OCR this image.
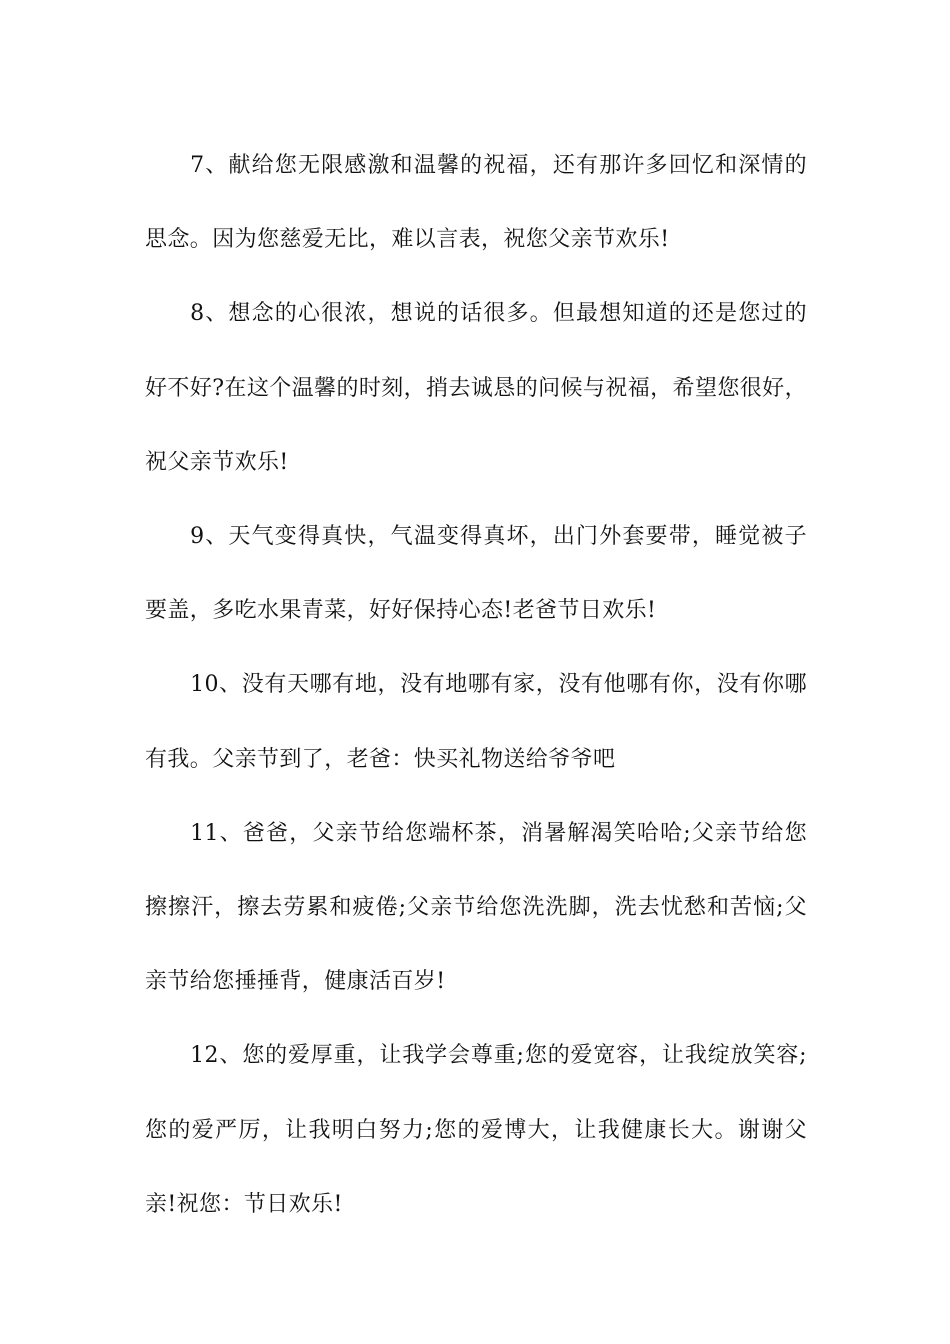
7、献给您无限感激和温馨的祝福，还有那许多回忆和深情的思念。因为您慈爱无比，难以言表，祝您父亲节欢乐!

8、想念的心很浓，想说的话很多。但最想知道的还是您过的好不好?在这个温馨的时刻，捎去诚恳的问候与祝福，希望您很好，祝父亲节欢乐!

9、天气变得真快，气温变得真坏，出门外套要带，睡觉被子要盖，多吃水果青菜，好好保持心态!老爸节日欢乐!

10、没有天哪有地，没有地哪有家，没有他哪有你，没有你哪有我。父亲节到了，老爸：快买礼物送给爷爷吧

11、爸爸，父亲节给您端杯茶，消暑解渴笑哈哈;父亲节给您擦擦汗，擦去劳累和疲倦;父亲节给您洗洗脚，洗去忧愁和苦恼;父亲节给您捶捶背，健康活百岁!

12、您的爱厚重，让我学会尊重;您的爱宽容，让我绽放笑容;您的爱严厉，让我明白努力;您的爱博大，让我健康长大。谢谢父亲!祝您：节日欢乐!
